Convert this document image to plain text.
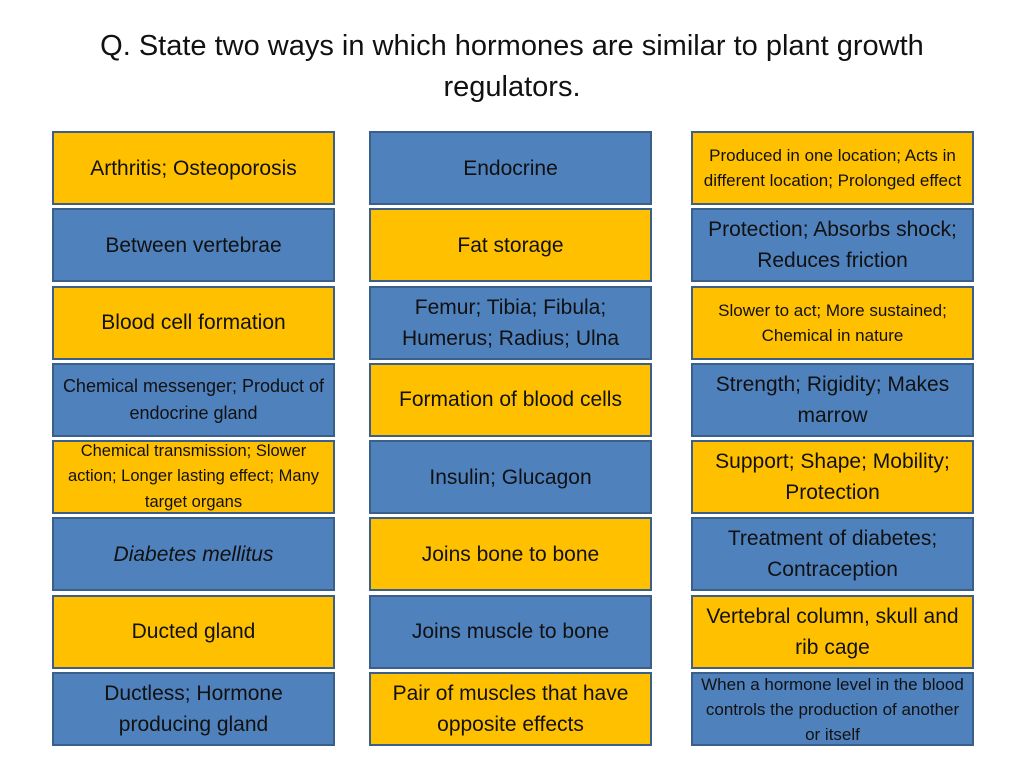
Q. State two ways in which hormones are similar to plant growth regulators.
Arthritis; Osteoporosis
Between vertebrae
Blood cell formation
Chemical messenger; Product of endocrine gland
Chemical transmission; Slower action; Longer lasting effect; Many target organs
Diabetes mellitus
Ducted gland
Ductless; Hormone producing gland
Endocrine
Fat storage
Femur; Tibia; Fibula; Humerus; Radius; Ulna
Formation of blood cells
Insulin; Glucagon
Joins bone to bone
Joins muscle to bone
Pair of muscles that have opposite effects
Produced in one location; Acts in different location; Prolonged effect
Protection; Absorbs shock; Reduces friction
Slower to act; More sustained; Chemical in nature
Strength; Rigidity; Makes marrow
Support; Shape; Mobility; Protection
Treatment of diabetes; Contraception
Vertebral column, skull and rib cage
When a hormone level in the blood controls the production of another or itself
